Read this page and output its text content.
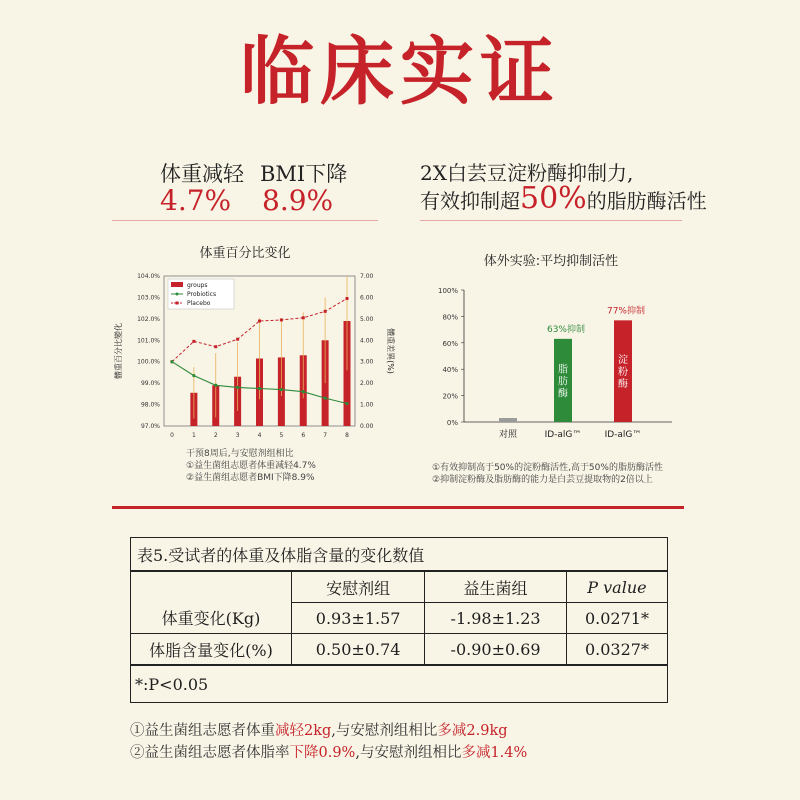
临床实证
体重减轻
4.7%
BMI下降
8.9%
2X白芸豆淀粉酶抑制力,
有效抑制超50%的脂肪酶活性
体重百分比变化
97.0%
98.0%
99.0%
100.0%
101.0%
102.0%
103.0%
104.0%
0.00
1.00
2.00
3.00
4.00
5.00
6.00
7.00
0	1	2	3	4	5	6	7	8
體重百分比變化	體重差異(%)
groups
Probiotics
Placebo
干预8周后,与安慰剂组相比
①益生菌组志愿者体重减轻4.7%
②益生菌组志愿者BMI下降8.9%
体外实验:平均抑制活性
0%
20%
40%
60%
80%
100%
对照	ID-alG™
63%抑制
脂
肪
酶
ID-alG™
77%抑制
淀
粉
酶
①有效抑制高于50%的淀粉酶活性,高于50%的脂肪酶活性
②抑制淀粉酶及脂肪酶的能力是白芸豆提取物的2倍以上
表5.受试者的体重及体脂含量的变化数值			
	安慰剂组	益生菌组	P value
体重变化(Kg)	0.93±1.57	-1.98±1.23	0.0271*
体脂含量变化(%)	0.50±0.74	-0.90±0.69	0.0327*
*:P<0.05			
①益生菌组志愿者体重减轻2kg,与安慰剂组相比多减2.9kg
②益生菌组志愿者体脂率下降0.9%,与安慰剂组相比多减1.4%
